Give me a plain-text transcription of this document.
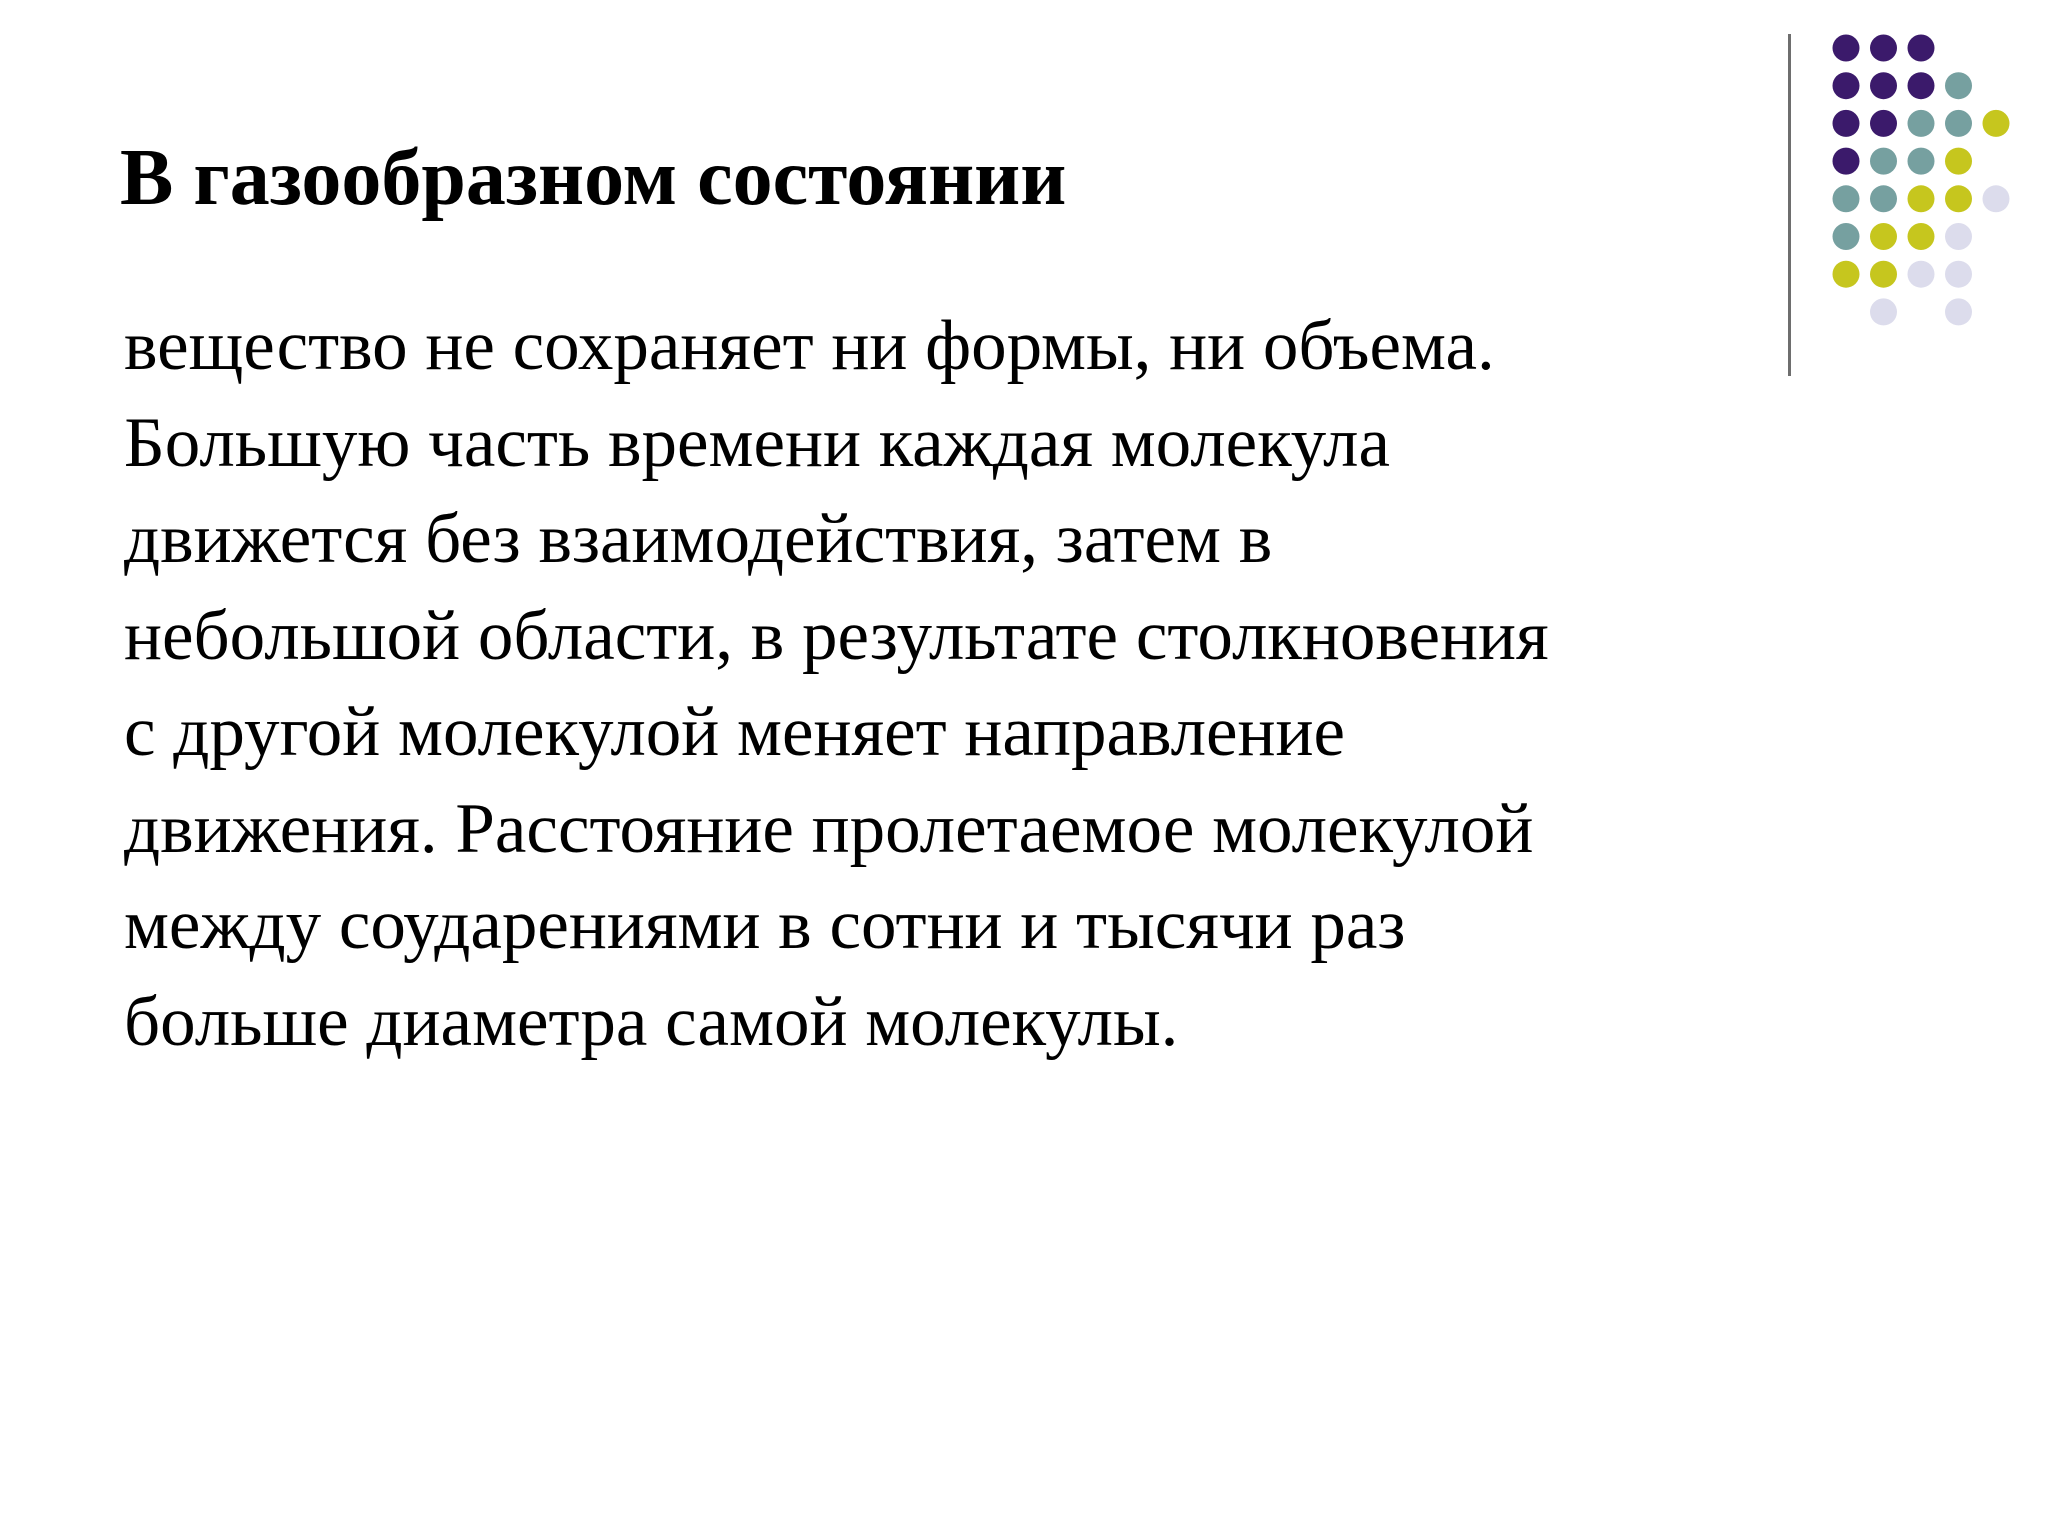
В газообразном состоянии
вещество не сохраняет ни формы, ни объема.
Большую часть времени каждая молекула
движется без взаимодействия, затем в
небольшой области, в результате столкновения
с другой молекулой меняет направление
движения. Расстояние пролетаемое молекулой
между соударениями в сотни и тысячи раз
больше диаметра самой молекулы.
